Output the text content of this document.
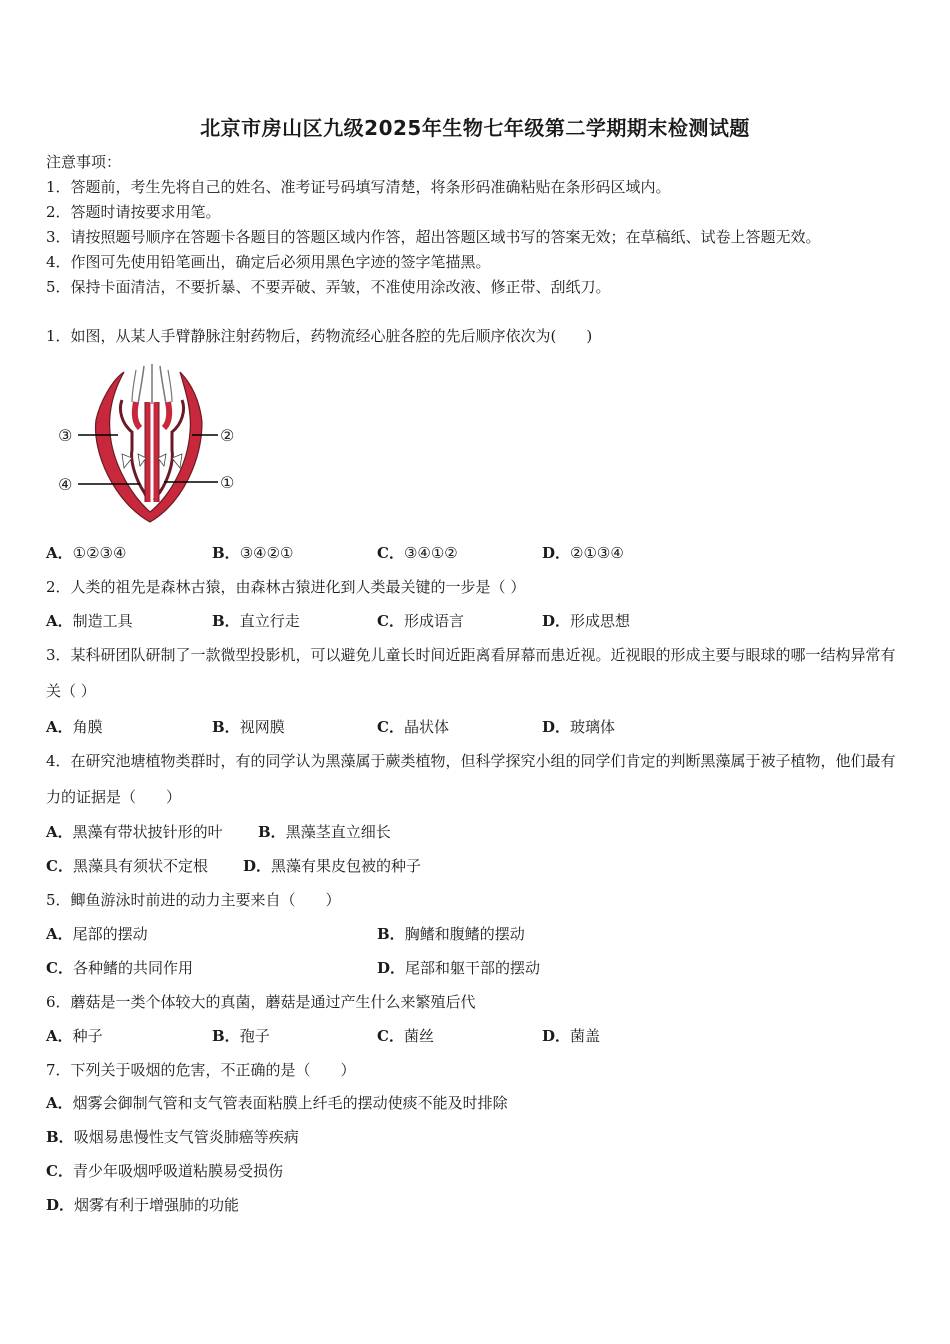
北京市房山区九级2025年生物七年级第二学期期末检测试题
注意事项：
1．答题前，考生先将自己的姓名、准考证号码填写清楚，将条形码准确粘贴在条形码区域内。
2．答题时请按要求用笔。
3．请按照题号顺序在答题卡各题目的答题区域内作答，超出答题区域书写的答案无效；在草稿纸、试卷上答题无效。
4．作图可先使用铅笔画出，确定后必须用黑色字迹的签字笔描黑。
5．保持卡面清洁，不要折暴、不要弄破、弄皱，不准使用涂改液、修正带、刮纸刀。
1．如图，从某人手臂静脉注射药物后，药物流经心脏各腔的先后顺序依次为(　　)
③	②
④	①
A．①②③④	B．③④②①	C．③④①②	D．②①③④
2．人类的祖先是森林古猿，由森林古猿进化到人类最关键的一步是（ ）
A．制造工具	B．直立行走	C．形成语言	D．形成思想
3．某科研团队研制了一款微型投影机，可以避免儿童长时间近距离看屏幕而患近视。近视眼的形成主要与眼球的哪一结构异常有关（ ）
A．角膜	B．视网膜	C．晶状体	D．玻璃体
4．在研究池塘植物类群时，有的同学认为黑藻属于蕨类植物，但科学探究小组的同学们肯定的判断黑藻属于被子植物，他们最有力的证据是（　　）
A．黑藻有带状披针形的叶 B．黑藻茎直立细长
C．黑藻具有须状不定根 D．黑藻有果皮包被的种子
5．鲫鱼游泳时前进的动力主要来自（　　）
A．尾部的摆动	B．胸鳍和腹鳍的摆动
C．各种鳍的共同作用	D．尾部和躯干部的摆动
6．蘑菇是一类个体较大的真菌，蘑菇是通过产生什么来繁殖后代
A．种子	B．孢子	C．菌丝	D．菌盖
7．下列关于吸烟的危害，不正确的是（　　）
A．烟雾会御制气管和支气管表面粘膜上纤毛的摆动使痰不能及时排除
B．吸烟易患慢性支气管炎肺癌等疾病
C．青少年吸烟呼吸道粘膜易受损伤
D．烟雾有利于增强肺的功能
